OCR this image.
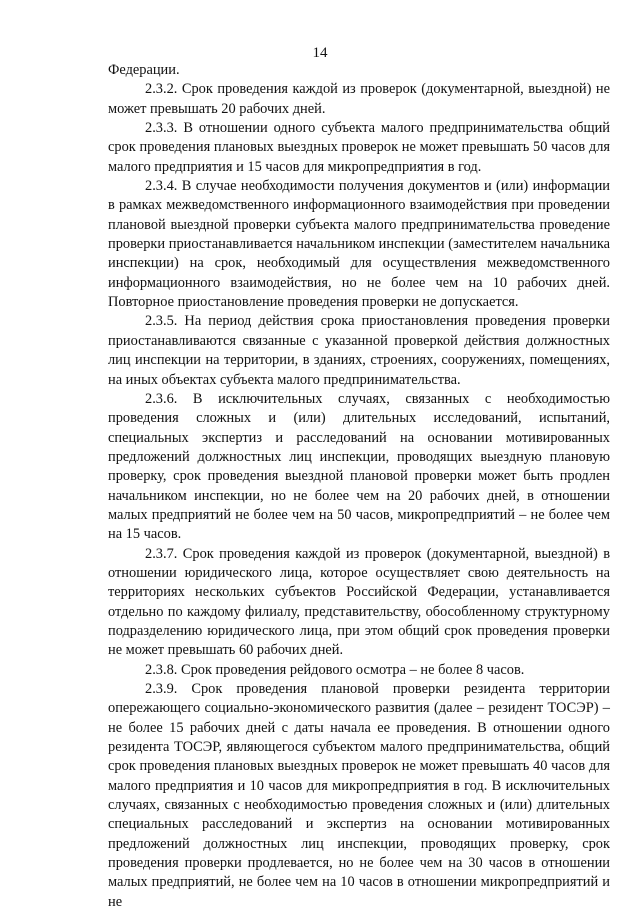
14

Федерации.

2.3.2. Срок проведения каждой из проверок (документарной, выездной) не может превышать 20 рабочих дней.

2.3.3. В отношении одного субъекта малого предпринимательства общий срок проведения плановых выездных проверок не может превышать 50 часов для малого предприятия и 15 часов для микропредприятия в год.

2.3.4. В случае необходимости получения документов и (или) информации в рамках межведомственного информационного взаимодействия при проведении плановой выездной проверки субъекта малого предпринимательства проведение проверки приостанавливается начальником инспекции (заместителем начальника инспекции) на срок, необходимый для осуществления межведомственного информационного взаимодействия, но не более чем на 10 рабочих дней. Повторное приостановление проведения проверки не допускается.

2.3.5. На период действия срока приостановления проведения проверки приостанавливаются связанные с указанной проверкой действия должностных лиц инспекции на территории, в зданиях, строениях, сооружениях, помещениях, на иных объектах субъекта малого предпринимательства.

2.3.6. В исключительных случаях, связанных с необходимостью проведения сложных и (или) длительных исследований, испытаний, специальных экспертиз и расследований на основании мотивированных предложений должностных лиц инспекции, проводящих выездную плановую проверку, срок проведения выездной плановой проверки может быть продлен начальником инспекции, но не более чем на 20 рабочих дней, в отношении малых предприятий не более чем на 50 часов, микропредприятий – не более чем на 15 часов.

2.3.7. Срок проведения каждой из проверок (документарной, выездной) в отношении юридического лица, которое осуществляет свою деятельность на территориях нескольких субъектов Российской Федерации, устанавливается отдельно по каждому филиалу, представительству, обособленному структурному подразделению юридического лица, при этом общий срок проведения проверки не может превышать 60 рабочих дней.

2.3.8. Срок проведения рейдового осмотра – не более 8 часов.

2.3.9. Срок проведения плановой проверки резидента территории опережающего социально-экономического развития (далее – резидент ТОСЭР) – не более 15 рабочих дней с даты начала ее проведения. В отношении одного резидента ТОСЭР, являющегося субъектом малого предпринимательства, общий срок проведения плановых выездных проверок не может превышать 40 часов для малого предприятия и 10 часов для микропредприятия в год. В исключительных случаях, связанных с необходимостью проведения сложных и (или) длительных специальных расследований и экспертиз на основании мотивированных предложений должностных лиц инспекции, проводящих проверку, срок проведения проверки продлевается, но не более чем на 30 часов в отношении малых предприятий, не более чем на 10 часов в отношении микропредприятий и не
